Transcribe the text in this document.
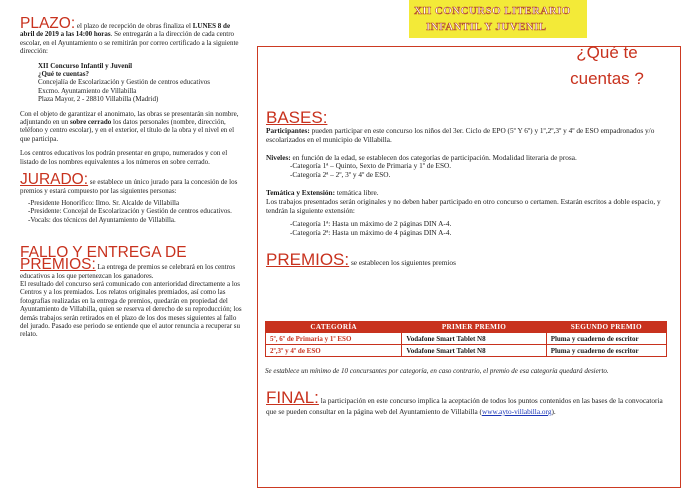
PLAZO: el plazo de recepción de obras finaliza el LUNES 8 de abril de 2019 a las 14:00 horas. Se entregarán a la dirección de cada centro escolar, en el Ayuntamiento o se remitirán por correo certificado a la siguiente dirección:
XII Concurso Infantil y Juvenil
¿Qué te cuentas?
Concejalía de Escolarización y Gestión de centros educativos
Excmo. Ayuntamiento de Villabilla
Plaza Mayor, 2 - 28810 Villabilla (Madrid)
Con el objeto de garantizar el anonimato, las obras se presentarán sin nombre, adjuntando en un sobre cerrado los datos personales (nombre, dirección, teléfono y centro escolar), y en el exterior, el título de la obra y el nivel en el que participa.
Los centros educativos los podrán presentar en grupo, numerados y con el listado de los nombres equivalentes a los números en sobre cerrado.
JURADO: se establece un único jurado para la concesión de los premios y estará compuesto por las siguientes personas:
-Presidente Honorífico: Ilmo. Sr. Alcalde de Villabilla
-Presidente: Concejal de Escolarización y Gestión de centros educativos.
-Vocals: dos técnicos del Ayuntamiento de Villabilla.
FALLO Y ENTREGA DE
PREMIOS: La entrega de premios se celebrará en los centros educativos a los que pertenezcan los ganadores.
El resultado del concurso será comunicado con anterioridad directamente a los Centros y a los premiados. Los relatos originales premiados, así como las fotografías realizadas en la entrega de premios, quedarán en propiedad del Ayuntamiento de Villabilla, quien se reserva el derecho de su reproducción; los demás trabajos serán retirados en el plazo de los dos meses siguientes al fallo del jurado. Pasado ese periodo se entiende que el autor renuncia a recuperar su relato.
XII CONCURSO LITERARIO
INFANTIL Y JUVENIL
¿Qué te
cuentas ?
BASES:
Participantes: pueden participar en este concurso los niños del 3er. Ciclo de EPO (5º Y 6º) y 1º,2º,3º y 4º de ESO empadronados y/o escolarizados en el municipio de Villabilla.
Niveles: en función de la edad, se establecen dos categorías de participación. Modalidad literaria de prosa.
-Categoría 1ª – Quinto, Sexto de Primaria y 1º de ESO.
-Categoría 2ª – 2º, 3º y 4º de ESO.
Temática y Extensión: temática libre.
Los trabajos presentados serán originales y no deben haber participado en otro concurso o certamen. Estarán escritos a doble espacio, y tendrán la siguiente extensión:
-Categoría 1ª: Hasta un máximo de 2 páginas DIN A-4.
-Categoría 2ª: Hasta un máximo de 4 páginas DIN A-4.
PREMIOS: se establecen los siguientes premios
CATEGORÍA	PRIMER PREMIO	SEGUNDO PREMIO
5º, 6º de Primaria y 1º ESO	Vodafone Smart Tablet N8	Pluma y cuaderno de escritor
2º,3º y 4º de ESO	Vodafone Smart Tablet N8	Pluma y cuaderno de escritor
Se establece un mínimo de 10 concursantes por categoría, en caso contrario, el premio de esa categoría quedará desierto.
FINAL: la participación en este concurso implica la aceptación de todos los puntos contenidos en las bases de la convocatoria que se pueden consultar en la página web del Ayuntamiento de Villabilla (www.ayto-villabilla.org).
